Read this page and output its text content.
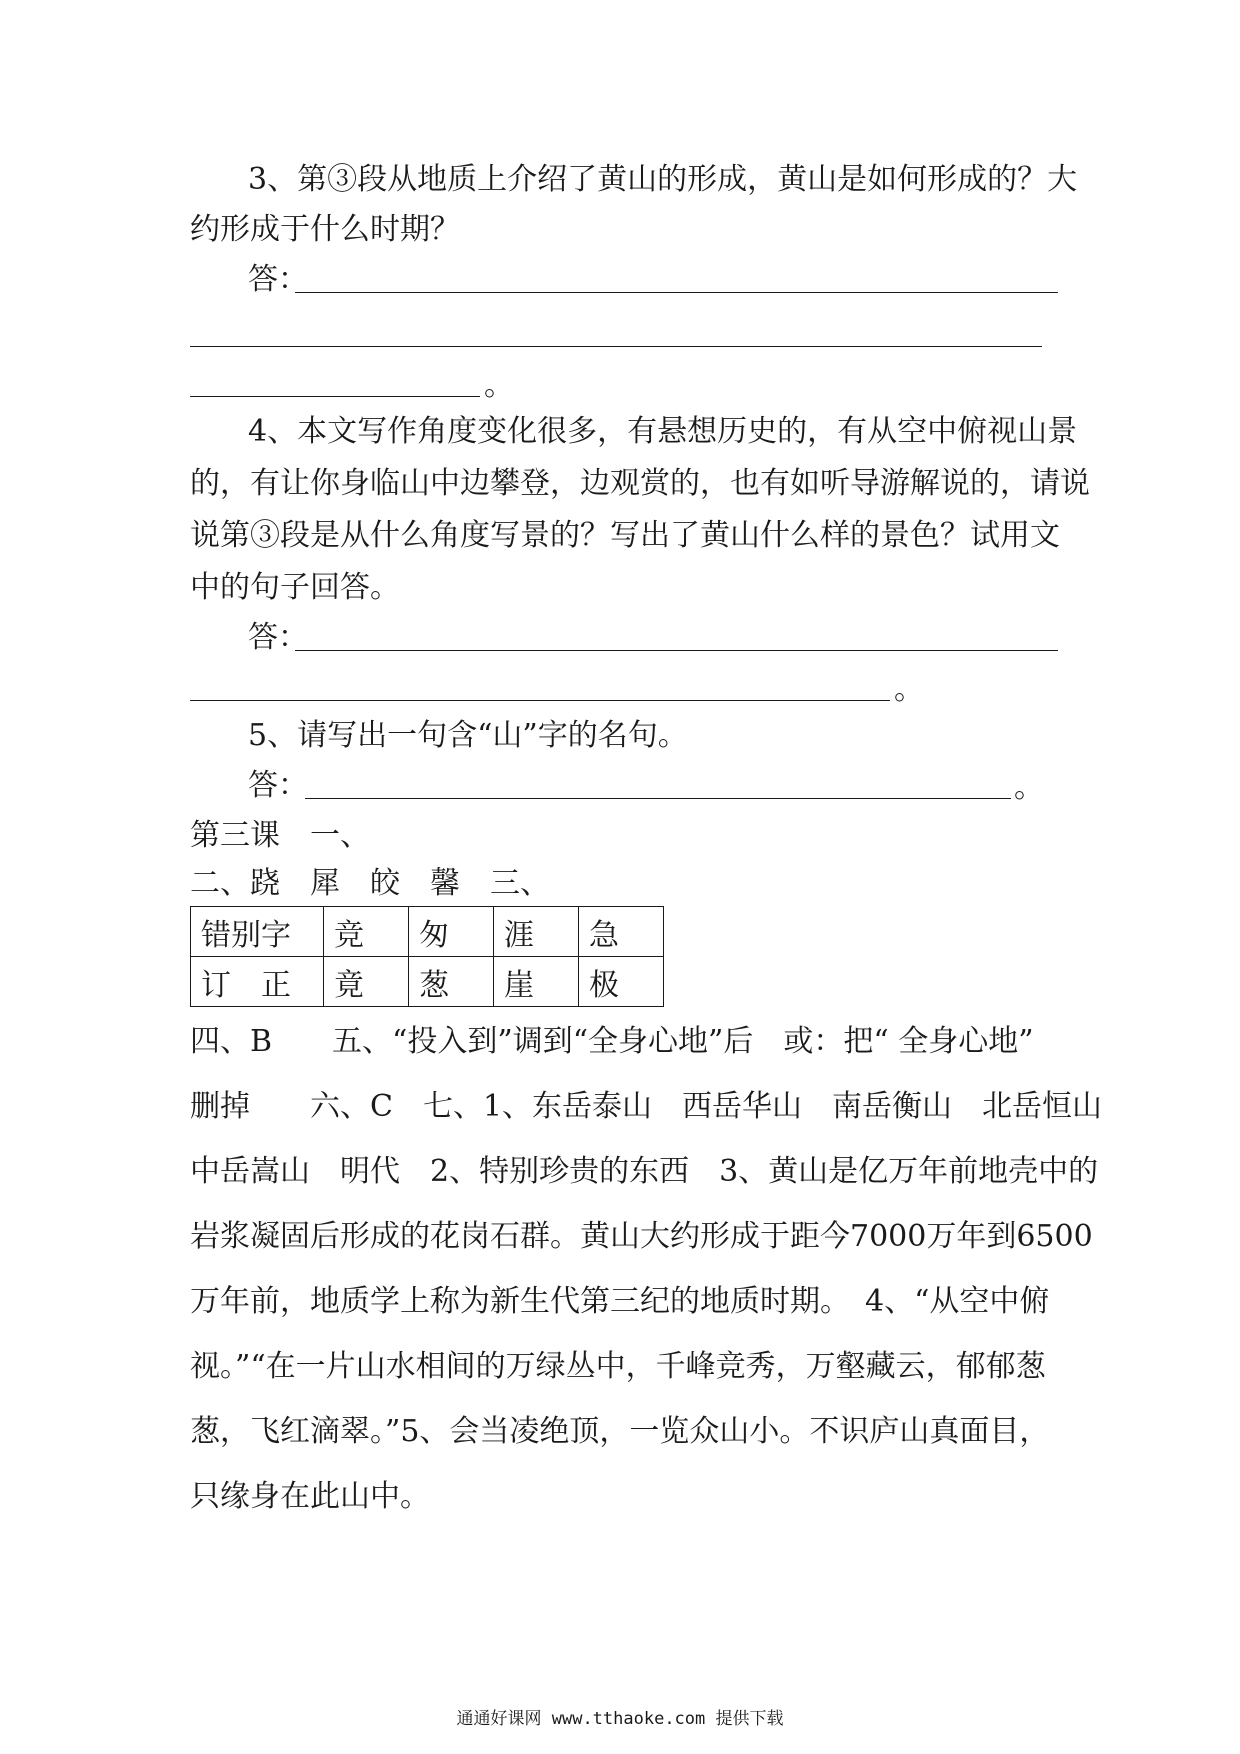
3、第③段从地质上介绍了黄山的形成，黄山是如何形成的？大
约形成于什么时期？
答：
。
4、本文写作角度变化很多，有悬想历史的，有从空中俯视山景
的，有让你身临山中边攀登，边观赏的，也有如听导游解说的，请说
说第③段是从什么角度写景的？写出了黄山什么样的景色？试用文
中的句子回答。
答：
。
5、请写出一句含“山”字的名句。
答：	。
第三课　一、
二、跷　犀　皎　馨　三、
错别字	竞	匆	涯	急
订　正	竟	葱	崖	极
四、B　　五、“投入到”调到“全身心地”后　或：把“ 全身心地”
删掉　　六、C　七、1、东岳泰山　西岳华山　南岳衡山　北岳恒山
中岳嵩山　明代　2、特别珍贵的东西　3、黄山是亿万年前地壳中的
岩浆凝固后形成的花岗石群。黄山大约形成于距今7000万年到6500
万年前，地质学上称为新生代第三纪的地质时期。　4、“从空中俯
视。”“在一片山水相间的万绿丛中，千峰竞秀，万壑藏云，郁郁葱
葱，飞红滴翠。”5、会当凌绝顶，一览众山小。不识庐山真面目，
只缘身在此山中。
通通好课网 www.tthaoke.com 提供下载
